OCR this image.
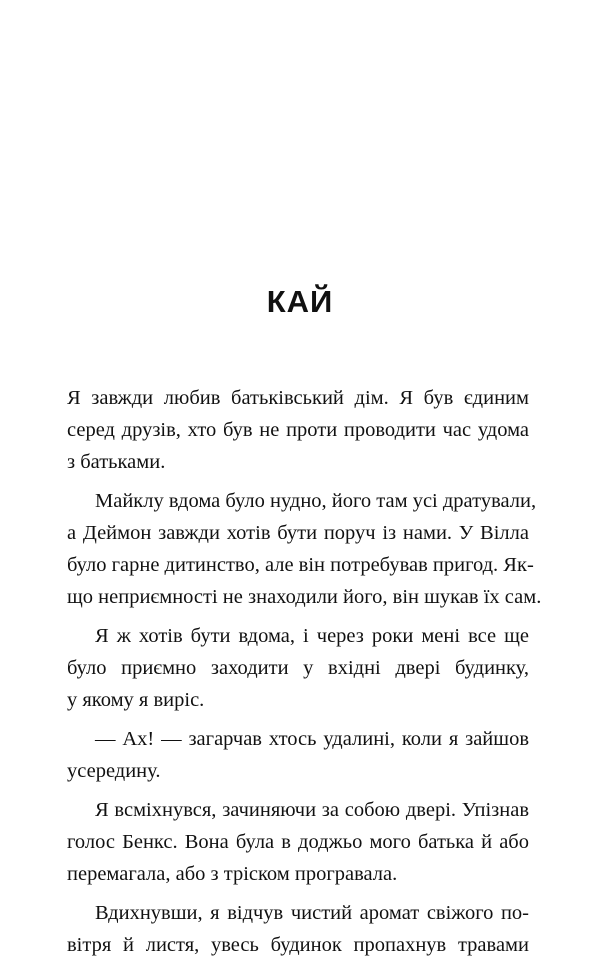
КАЙ

Я завжди любив батьківський дім. Я був єдиним
серед друзів, хто був не проти проводити час удома
з батьками.

Майклу вдома було нудно, його там усі дратували,
а Деймон завжди хотів бути поруч із нами. У Вілла
було гарне дитинство, але він потребував пригод. Як-
що неприємності не знаходили його, він шукав їх сам.

Я ж хотів бути вдома, і через роки мені все ще
було приємно заходити у вхідні двері будинку,
у якому я виріс.

— Ах! — загарчав хтось удалині, коли я зайшов
усередину.

Я всміхнувся, зачиняючи за собою двері. Упізнав
голос Бенкс. Вона була в доджьо мого батька й або
перемагала, або з тріском програвала.

Вдихнувши, я відчув чистий аромат свіжого по-
вітря й листя, увесь будинок пропахнув травами
